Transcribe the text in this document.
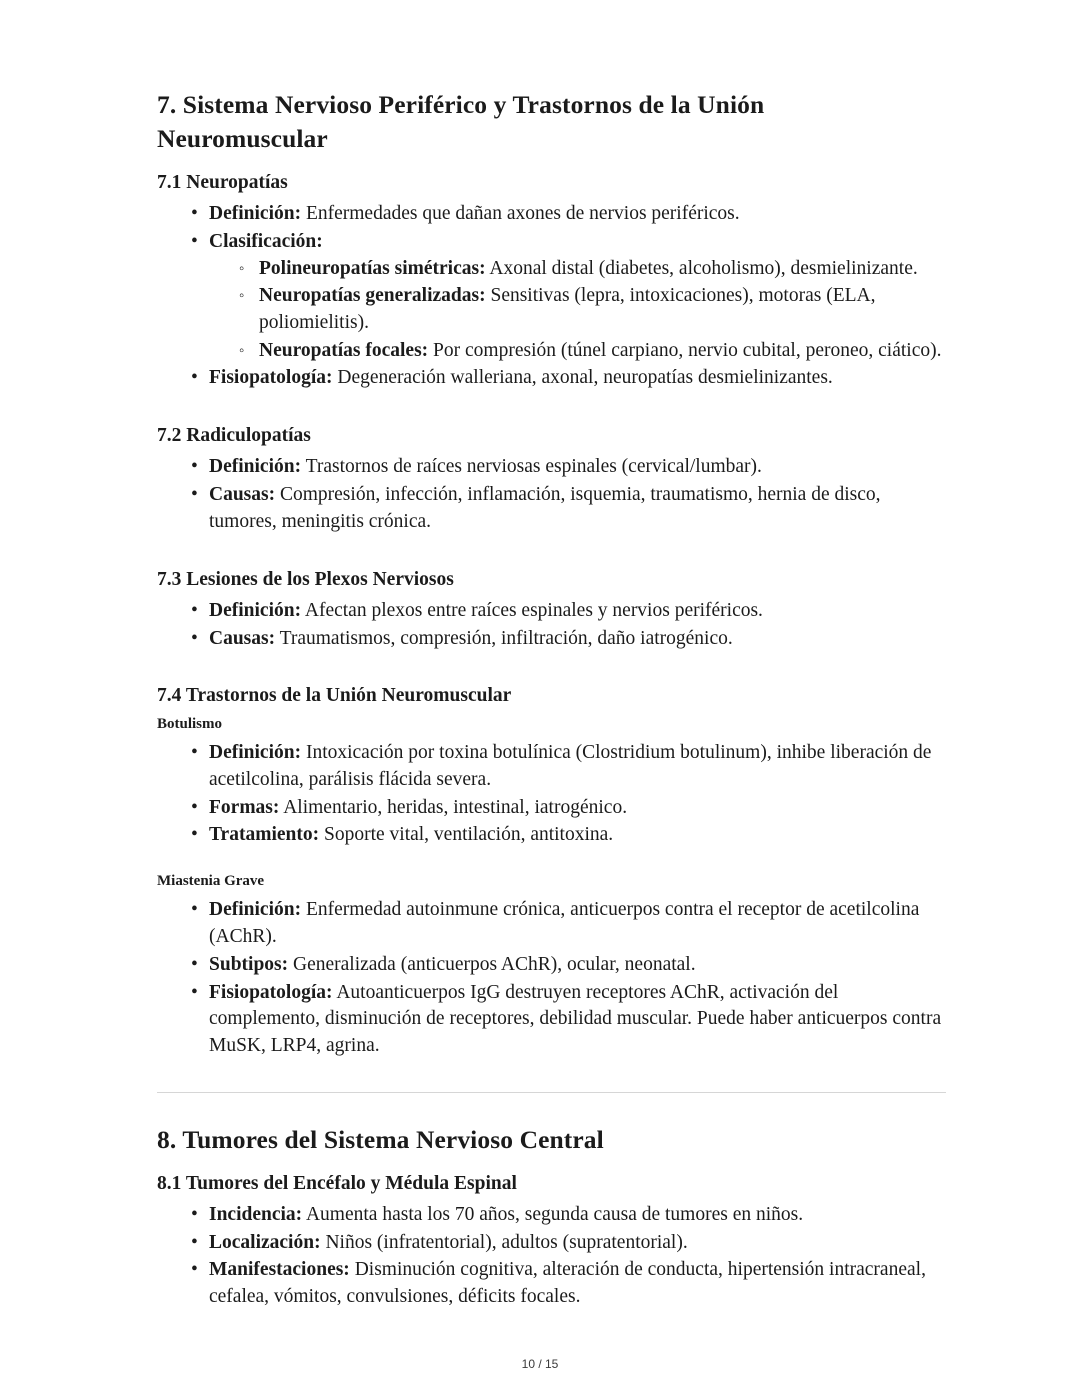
7. Sistema Nervioso Periférico y Trastornos de la Unión Neuromuscular
7.1 Neuropatías
• Definición: Enfermedades que dañan axones de nervios periféricos.
• Clasificación:
◦ Polineuropatías simétricas: Axonal distal (diabetes, alcoholismo), desmielinizante.
◦ Neuropatías generalizadas: Sensitivas (lepra, intoxicaciones), motoras (ELA, poliomielitis).
◦ Neuropatías focales: Por compresión (túnel carpiano, nervio cubital, peroneo, ciático).
• Fisiopatología: Degeneración walleriana, axonal, neuropatías desmielinizantes.
7.2 Radiculopatías
• Definición: Trastornos de raíces nerviosas espinales (cervical/lumbar).
• Causas: Compresión, infección, inflamación, isquemia, traumatismo, hernia de disco, tumores, meningitis crónica.
7.3 Lesiones de los Plexos Nerviosos
• Definición: Afectan plexos entre raíces espinales y nervios periféricos.
• Causas: Traumatismos, compresión, infiltración, daño iatrogénico.
7.4 Trastornos de la Unión Neuromuscular
Botulismo
• Definición: Intoxicación por toxina botulínica (Clostridium botulinum), inhibe liberación de acetilcolina, parálisis flácida severa.
• Formas: Alimentario, heridas, intestinal, iatrogénico.
• Tratamiento: Soporte vital, ventilación, antitoxina.
Miastenia Grave
• Definición: Enfermedad autoinmune crónica, anticuerpos contra el receptor de acetilcolina (AChR).
• Subtipos: Generalizada (anticuerpos AChR), ocular, neonatal.
• Fisiopatología: Autoanticuerpos IgG destruyen receptores AChR, activación del complemento, disminución de receptores, debilidad muscular. Puede haber anticuerpos contra MuSK, LRP4, agrina.
8. Tumores del Sistema Nervioso Central
8.1 Tumores del Encéfalo y Médula Espinal
• Incidencia: Aumenta hasta los 70 años, segunda causa de tumores en niños.
• Localización: Niños (infratentorial), adultos (supratentorial).
• Manifestaciones: Disminución cognitiva, alteración de conducta, hipertensión intracraneal, cefalea, vómitos, convulsiones, déficits focales.
10 / 15
